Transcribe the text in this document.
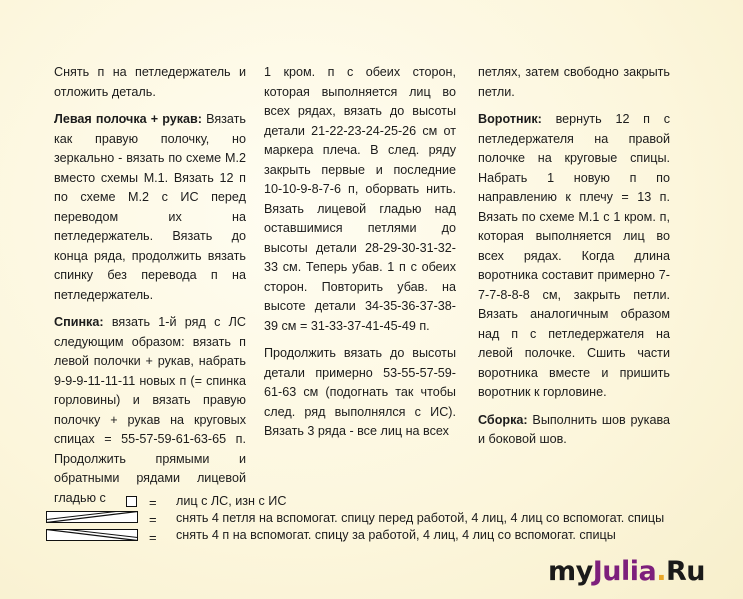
Снять п на петледержатель и отложить деталь.

Левая полочка + рукав: Вязать как правую полочку, но зеркально - вязать по схеме М.2 вместо схемы М.1. Вязать 12 п по схеме М.2 с ИС перед переводом их на петледержатель. Вязать до конца ряда, продолжить вязать спинку без перевода п на петледержатель.

Спинка: вязать 1-й ряд с ЛС следующим образом: вязать п левой полочки + рукав, набрать 9-9-9-11-11-11 новых п (= спинка горловины) и вязать правую полочку + рукав на круговых спицах = 55-57-59-61-63-65 п. Продолжить прямыми и обратными рядами лицевой гладью с

1 кром. п с обеих сторон, которая выполняется лиц во всех рядах, вязать до высоты детали 21-22-23-24-25-26 см от маркера плеча. В след. ряду закрыть первые и последние 10-10-9-8-7-6 п, оборвать нить. Вязать лицевой гладью над оставшимися петлями до высоты детали 28-29-30-31-32-33 см. Теперь убав. 1 п с обеих сторон. Повторить убав. на высоте детали 34-35-36-37-38-39 см = 31-33-37-41-45-49 п.

Продолжить вязать до высоты детали примерно 53-55-57-59-61-63 см (подогнать так чтобы след. ряд выполнялся с ИС). Вязать 3 ряда - все лиц на всех

петлях, затем свободно закрыть петли.

Воротник: вернуть 12 п с петледержателя на правой полочке на круговые спицы. Набрать 1 новую п по направлению к плечу = 13 п. Вязать по схеме М.1 с 1 кром. п, которая выполняется лиц во всех рядах. Когда длина воротника составит примерно 7-7-7-8-8-8 см, закрыть петли. Вязать аналогичным образом над п с петледержателя на левой полочке. Сшить части воротника вместе и пришить воротник к горловине.

Сборка: Выполнить шов рукава и боковой шов.

=
=
=
лиц с ЛС, изн с ИС
снять 4 петля на вспомогат. спицу перед работой, 4 лиц, 4 лиц со вспомогат. спицы
снять 4 п на вспомогат. спицу за работой, 4 лиц, 4 лиц со вспомогат. спицы
myJulia.Ru
